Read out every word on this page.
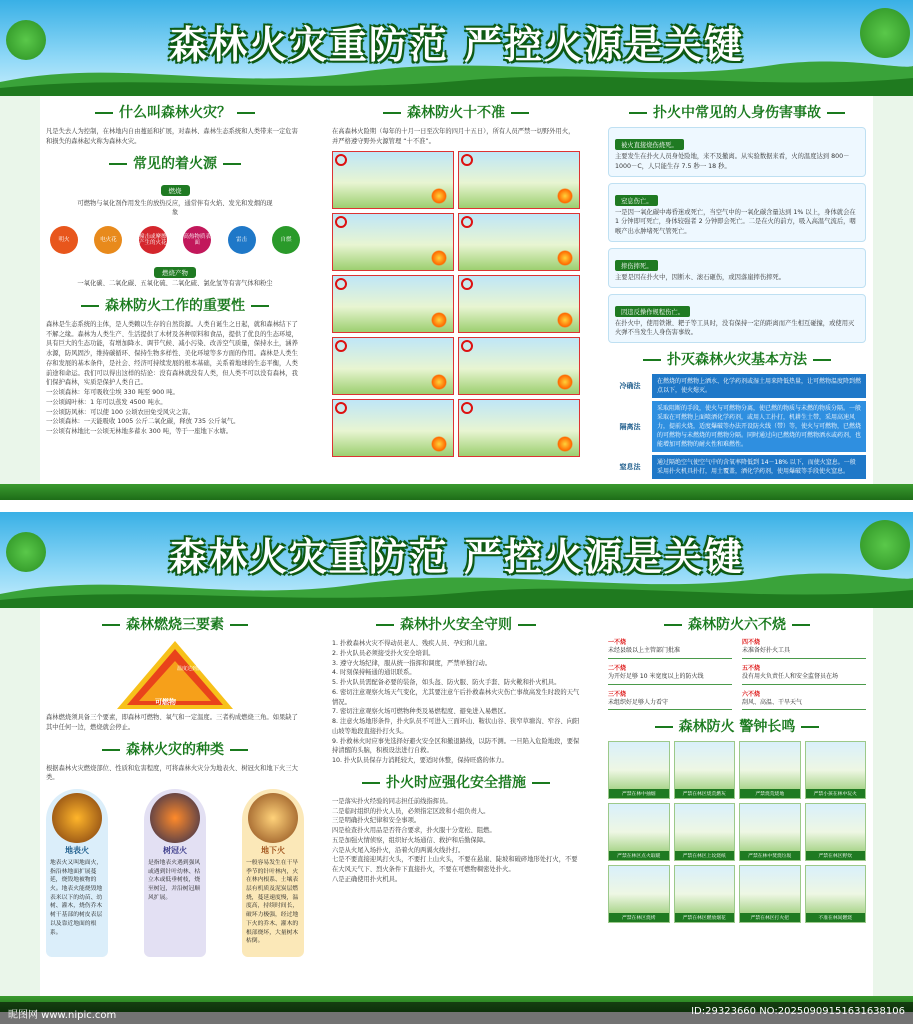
森林火灾重防范 严控火源是关键
什么叫森林火灾？
凡是失去人为控制，在林地内自由蔓延和扩展，对森林、森林生态系统和人类带来一定危害和损失的森林起火称为森林火灾。
常见的着火源
燃烧
可燃物与氧化剂作用发生的放热反应，通常伴有火焰、发光和发烟的现象
明火	电火花
撞击或摩擦产生的火花
高热物质表面
雷击	自燃
燃烧产物
一氧化碳、二氧化碳、五氧化硫、二氧化硫、氯化氢等有害气体和粉尘
森林防火工作的重要性
森林是生态系统的主体，是人类赖以生存的自然资源。人类自诞生之日起，就和森林结下了不解之缘。森林为人类生产、生活提供了木材及各种原料和食品，提供了优良的生态环境，具有巨大的生态功能，有增加降水、调节气候、减小污染、改善空气质量，保持水土，涵养水源，防风固沙，维持碳循环、保持生物多样性、美化环境等多方面的作用。森林是人类生存和发展的基本条件，是社会、经济可持续发展的根本基础，关系着地球的生态平衡，人类前途和命运。我们可以得出这样的结论：没有森林就没有人类，但人类不可以没有森林，我们保护森林，实质是保护人类自己。
一公顷森林：年可吸收尘埃 330 吨至 900 吨。
一公顷阔叶林：1 年可以蒸发 4500 吨水。
一公顷防风林：可以使 100 公顷农田免受风灾之害。
一公顷森林：一天能吸收 1005 公斤二氧化碳，释放 735 公斤氧气。
一公顷有林地比一公顷无林地多蓄水 300 吨，等于一座地下水塘。
森林防火十不准
在高森林火险期（每年的十月一日至次年的四月十五日），所有人员严禁一切野外用火，并严格遵守野外火源管理 “十不准”。
扑火中常见的人身伤害事故
被火直接烧伤烧死。
主要发生在扑火人员身处险地，来不及撤离。从实验数据来看，火的温度达到 800－1000－C，人只能生存 7.5 秒一 18 秒。
窒息伤亡。
一是因一氧化碳中毒昏迷或死亡，当空气中的一氧化碳含量达到 1% 以上，身体就会在 1 分钟即可死亡，身体较强者 2 分钟即会死亡。二是在火的前方，吸入高温气流后，咽喉产出水肿堵死气管死亡。
摔伤摔死。
主要是因在扑火中，因断木、滚石砸伤，或因落崖摔伤摔死。
因违反操作规程伤亡。
在扑火中，使用铁锹、耙子等工具时，没有保持一定的距离而产生相互碰撞，或使用灭火弹不当发生人身伤害事故。
扑灭森林火灾基本方法
冷确法
在燃烧的可燃物上洒水、化学药剂或湿土用来降低热量，让可燃物温度降到燃点以下，使火熄灭。
隔离法
采取阻断的手段，使火与可燃物分离，使已燃的物质与未燃的物质分隔。一般采取在可燃物上面喷洒化学药剂，或用人工扑打，机耕生土带，采用高速风力，提前火烧，适度爆破等办法开设防火线（带）等，使火与可燃物，已燃烧的可燃物与未燃烧的可燃物分隔。同时通过向已燃烧的可燃物洒水或药剂，也能增加可燃物的耐火性和难燃性。
窒息法
通过隔绝空气使空气中的含氧率降低到 14－18% 以下，而使火窒息。一般采用扑火机具扑打，用土覆盖，洒化学药剂，使用爆破等手段使火窒息。
森林火灾重防范 严控火源是关键
森林燃烧三要素
氧气
温度达到燃点
可燃物
森林燃烧须具备三个要素，即森林可燃物、氧气和一定温度。三者构成燃烧三角。如果缺了其中任何一边，燃烧就会停止。
森林火灾的种类
根据森林火灾燃烧部位、性质和危害程度，可将森林火灾分为地表火、树冠火和地下火三大类。
地表火
地表火又叫地面火，指沿林地面扩展蔓延，烧毁地被物的火。地表火能烧毁地表米以下的幼苗、幼树、灌木，烧伤乔木树干基部的树皮表层以及靠近地面的根系。
树冠火
是指地表火遇到强风或遇到针叶幼林、枯立木或低垂树枝，烧至树冠，并沿树冠顺风扩展。
地下火
一般容易发生在干旱季节的针叶林内，火在林内根系、土壤表层有机质及泥炭层燃烧，蔓延速度慢，温度高，持续时间长，破坏力极强，经过地下火的乔木、灌木的根部烧坏，大量树木枯倒。
森林扑火安全守则
1. 扑救森林火灾不得动员老人、残疾人员、孕妇和儿童。
2. 扑火队员必须接受扑火安全培训。
3. 遵守火场纪律，服从统一指挥和调度，严禁单独行动。
4. 时刻保持畅通的通讯联系。
5. 扑火队员需配备必要的装备，如头盔、防火服、防火手套、防火靴和扑火机具。
6. 密切注意观察火场天气变化，尤其要注意午后扑救森林火灾伤亡事故高发生时段的天气情况。
7. 密切注意观察火场可燃物种类及易燃程度、避免进入易燃区。
8. 注意火场地形条件，扑火队员不可进入三面环山、鞍状山谷、狭窄草塘沟、窄谷、向阳山坡等地段直接扑打火头。
9. 扑救林火时应事先选择好避火安全区和撤退路线，以防不测。一旦陷入危险地段，要保持清醒的头脑，积极设法进行自救。
10. 扑火队员保存力消耗较大，要适时休整，保持旺盛的体力。
扑火时应强化安全措施
一是落实扑火经验的同志担任前线指挥员。
二是临时组织的扑火人员，必须指定区段和小组负责人。
三是明确扑火纪律和安全事项。
四是检查扑火用品是否符合要求，扑火服十分宽松、阻燃。
五是加强火情侦察，组织好火场通信、救护和后勤保障。
六是从火尾入场扑火，沿着火的两翼火线扑打。
七是不要直接迎风打火头，不要打上山火头，不要在悬崖、陡坡和破碎地形处打火，不要在大风天气下、烈火条件下直接扑火，不要在可燃物稠密处扑火。
八是正确使用扑火机具。
森林防火六不烧
一不烧
未经县级以上主管部门批准
四不烧
未准备好扑火工具
二不烧
为开好足够 10 米宽度以上的防火线
五不烧
没有用火负责任人和安全监督员在场
三不烧
未组织好足够人力看守
六不烧
刮风、高温、干旱天气
森林防火 警钟长鸣
严禁在林中抽烟	严禁在林区烧荒燃灰	严禁烧荒烧地	严禁小孩在林中玩火
严禁在林区点火取暖	严禁在林区上坟烧纸	严禁在林中焚烧垃圾	严禁在林区野炊
严禁在林区烧烤	严禁在林区燃放烟花	严禁在林区打火把	不准在林间燃烧
昵图网 www.nipic.com	ID:29323660 NO:20250909151631638106
